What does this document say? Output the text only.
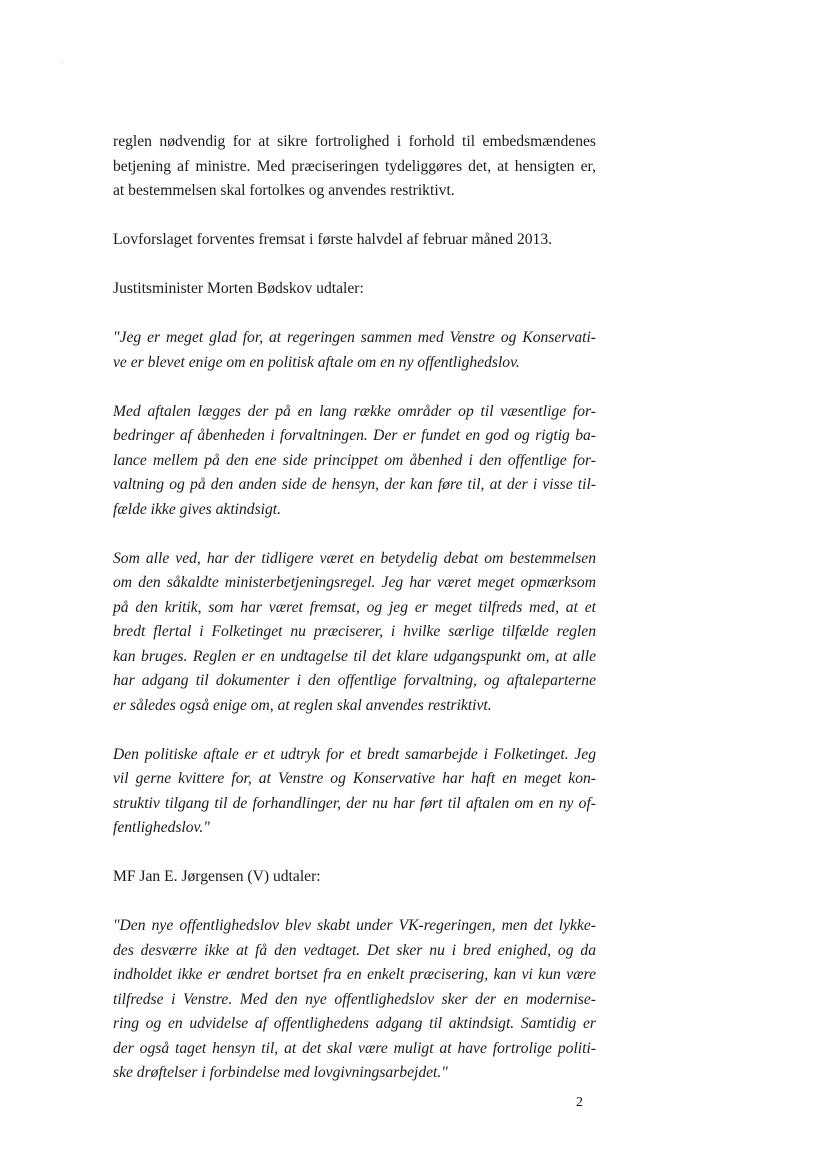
reglen nødvendig for at sikre fortrolighed i forhold til embedsmændenes
betjening af ministre. Med præciseringen tydeliggøres det, at hensigten er,
at bestemmelsen skal fortolkes og anvendes restriktivt.

Lovforslaget forventes fremsat i første halvdel af februar måned 2013.

Justitsminister Morten Bødskov udtaler:

"Jeg er meget glad for, at regeringen sammen med Venstre og Konservati-
ve er blevet enige om en politisk aftale om en ny offentlighedslov.

Med aftalen lægges der på en lang række områder op til væsentlige for-
bedringer af åbenheden i forvaltningen. Der er fundet en god og rigtig ba-
lance mellem på den ene side princippet om åbenhed i den offentlige for-
valtning og på den anden side de hensyn, der kan føre til, at der i visse til-
fælde ikke gives aktindsigt.

Som alle ved, har der tidligere været en betydelig debat om bestemmelsen
om den såkaldte ministerbetjeningsregel. Jeg har været meget opmærksom
på den kritik, som har været fremsat, og jeg er meget tilfreds med, at et
bredt flertal i Folketinget nu præciserer, i hvilke særlige tilfælde reglen
kan bruges. Reglen er en undtagelse til det klare udgangspunkt om, at alle
har adgang til dokumenter i den offentlige forvaltning, og aftaleparterne
er således også enige om, at reglen skal anvendes restriktivt.

Den politiske aftale er et udtryk for et bredt samarbejde i Folketinget. Jeg
vil gerne kvittere for, at Venstre og Konservative har haft en meget kon-
struktiv tilgang til de forhandlinger, der nu har ført til aftalen om en ny of-
fentlighedslov."

MF Jan E. Jørgensen (V) udtaler:

"Den nye offentlighedslov blev skabt under VK-regeringen, men det lykke-
des desværre ikke at få den vedtaget. Det sker nu i bred enighed, og da
indholdet ikke er ændret bortset fra en enkelt præcisering, kan vi kun være
tilfredse i Venstre. Med den nye offentlighedslov sker der en modernise-
ring og en udvidelse af offentlighedens adgang til aktindsigt. Samtidig er
der også taget hensyn til, at det skal være muligt at have fortrolige politi-
ske drøftelser i forbindelse med lovgivningsarbejdet."

2
